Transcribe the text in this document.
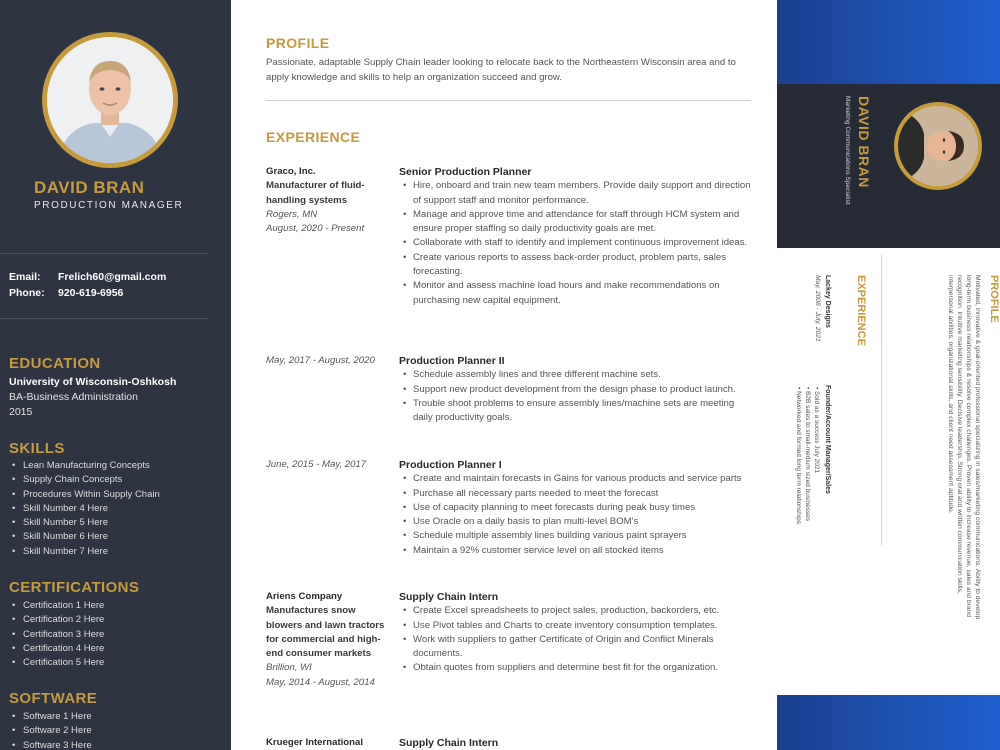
DAVID BRAN
PRODUCTION MANAGER
Email: Frelich60@gmail.com
Phone: 920-619-6956
EDUCATION
University of Wisconsin-Oshkosh
BA-Business Administration
2015
SKILLS
• Lean Manufacturing Concepts
• Supply Chain Concepts
• Procedures Within Supply Chain
• Skill Number 4 Here
• Skill Number 5 Here
• Skill Number 6 Here
• Skill Number 7 Here
CERTIFICATIONS
• Certification 1 Here
• Certification 2 Here
• Certification 3 Here
• Certification 4 Here
• Certification 5 Here
SOFTWARE
• Software 1 Here
• Software 2 Here
• Software 3 Here
PROFILE

Passionate, adaptable Supply Chain leader looking to relocate back to the Northeastern Wisconsin area and to apply knowledge and skills to help an organization succeed and grow.

EXPERIENCE
Graco, Inc.
Manufacturer of fluid-handling systems
Rogers, MN
August, 2020 - Present
Senior Production Planner
• Hire, onboard and train new team members. Provide daily support and direction of support staff and monitor performance.
• Manage and approve time and attendance for staff through HCM system and ensure proper staffing so daily productivity goals are met.
• Collaborate with staff to identify and implement continuous improvement ideas.
• Create various reports to assess back-order product, problem parts, sales forecasting.
• Monitor and assess machine load hours and make recommendations on purchasing new capital equipment.
May, 2017 - August, 2020	Production Planner II
• Schedule assembly lines and three different machine sets.
• Support new product development from the design phase to product launch.
• Trouble shoot problems to ensure assembly lines/machine sets are meeting daily productivity goals.
June, 2015 - May, 2017	Production Planner I
• Create and maintain forecasts in Gains for various products and service parts
• Purchase all necessary parts needed to meet the forecast
• Use of capacity planning to meet forecasts during peak busy times
• Use Oracle on a daily basis to plan multi-level BOM's
• Schedule multiple assembly lines building various paint sprayers
• Maintain a 92% customer service level on all stocked items
Ariens Company
Manufactures snow blowers and lawn tractors for commercial and high-end consumer markets
Brillion, WI
May, 2014 - August, 2014
Supply Chain Intern
• Create Excel spreadsheets to project sales, production, backorders, etc.
• Use Pivot tables and Charts to create inventory consumption templates.
• Work with suppliers to gather Certificate of Origin and Conflict Minerals documents.
• Obtain quotes from suppliers and determine best fit for the organization.
Krueger International	Supply Chain Intern
DAVID BRAN
Marketing Communications Specialist
PROFILE
Motivated, innovative & goal-oriented professional specializing in sales/marketing communications. Ability to develop long-term business relationships & resolve complex challenges. Proven ability to increase revenue, sales and brand recognition. Intuitive marketing sensibility. Decisive leadership. Strong oral and written communication skills, interpersonal abilities, organizational skills, and client need assessment aptitude.
EXPERIENCE
Lackey Designs
May, 2008 - July, 2021
Founder/Account Manager/Sales
• Sold as a success July 2021
• B2B sales to small-medium sized businesses
• Networked and formed long term relationships
